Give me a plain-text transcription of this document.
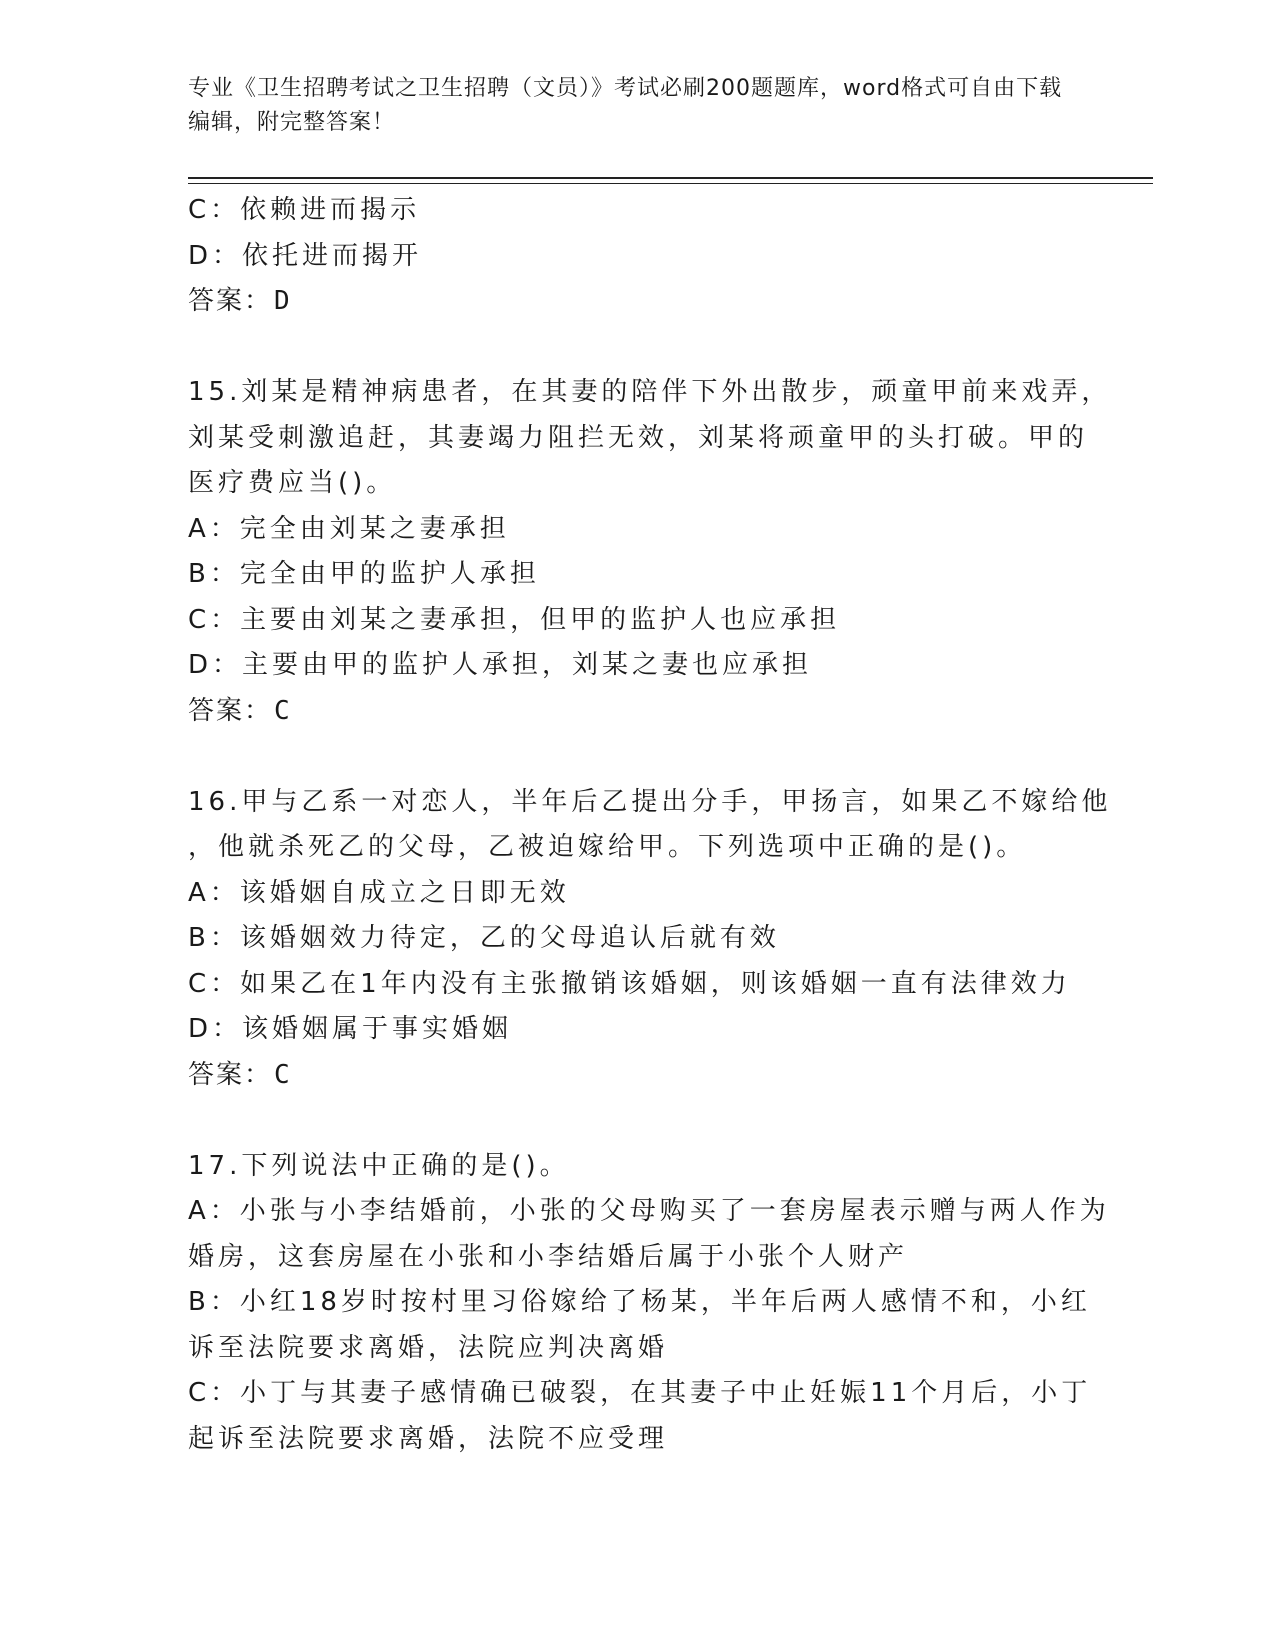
专业《卫生招聘考试之卫生招聘（文员）》考试必刷200题题库，word格式可自由下载编辑，附完整答案！

C：依赖进而揭示
D：依托进而揭开
答案：D
15.刘某是精神病患者，在其妻的陪伴下外出散步，顽童甲前来戏弄，
刘某受刺激追赶，其妻竭力阻拦无效，刘某将顽童甲的头打破。甲的
医疗费应当()。
A：完全由刘某之妻承担
B：完全由甲的监护人承担
C：主要由刘某之妻承担，但甲的监护人也应承担
D：主要由甲的监护人承担，刘某之妻也应承担
答案：C
16.甲与乙系一对恋人，半年后乙提出分手，甲扬言，如果乙不嫁给他
，他就杀死乙的父母，乙被迫嫁给甲。下列选项中正确的是()。
A：该婚姻自成立之日即无效
B：该婚姻效力待定，乙的父母追认后就有效
C：如果乙在1年内没有主张撤销该婚姻，则该婚姻一直有法律效力
D：该婚姻属于事实婚姻
答案：C
17.下列说法中正确的是()。
A：小张与小李结婚前，小张的父母购买了一套房屋表示赠与两人作为
婚房，这套房屋在小张和小李结婚后属于小张个人财产
B：小红18岁时按村里习俗嫁给了杨某，半年后两人感情不和，小红
诉至法院要求离婚，法院应判决离婚
C：小丁与其妻子感情确已破裂，在其妻子中止妊娠11个月后，小丁
起诉至法院要求离婚，法院不应受理
